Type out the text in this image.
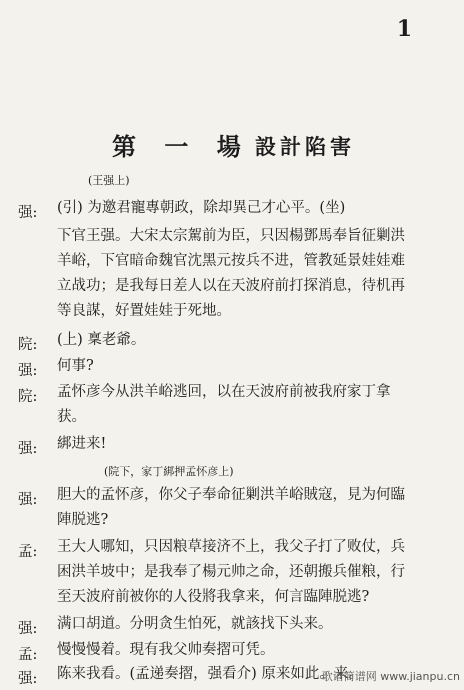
1
第 一 場 設計陷害
(王强上)
强: (引) 为邀君寵專朝政，除却異己才心平。(坐)
下官王强。大宋太宗駕前为臣，只因楊鄧馬奉旨征剿洪
羊峪，下官暗命魏官沈黑元按兵不进，管教延景娃娃难
立战功；是我每日差人以在天波府前打探消息，待机再
等良謀，好置娃娃于死地。
院: (上) 稟老爺。
强: 何事?
院: 孟怀彦今从洪羊峪逃回，以在天波府前被我府家丁拿
获。
强: 綁进来!
(院下，家丁綁押孟怀彦上)
强: 胆大的孟怀彦，你父子奉命征剿洪羊峪賊寇，見为何臨
陣脱逃?
孟: 王大人哪知，只因粮草接济不上，我父子打了败仗，兵
困洪羊坡中；是我奉了楊元帅之命，还朝搬兵催粮，行
至天波府前被你的人役將我拿来，何言臨陣脱逃?
强: 满口胡道。分明贪生怕死，就該找下头来。
孟: 慢慢慢着。現有我父帅奏摺可凭。
强: 陈来我看。(孟递奏摺，强看介) 原来如此。来。
歌谱简谱网 www.jianpu.cn
